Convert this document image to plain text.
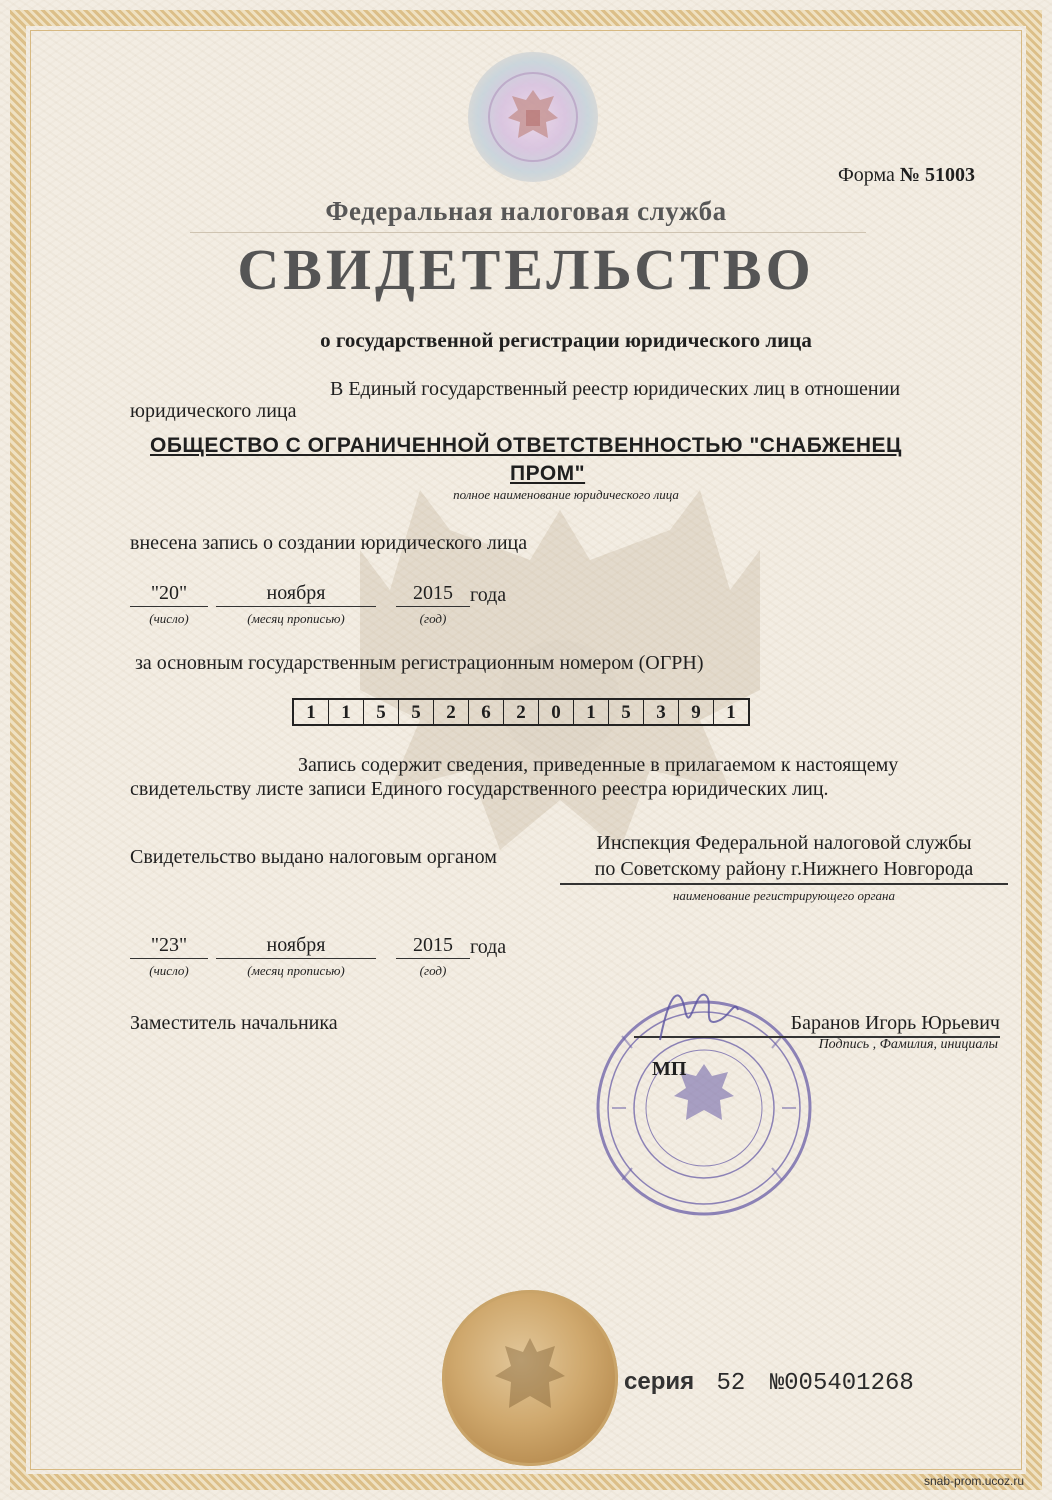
Форма № 51003
Федеральная налоговая служба
СВИДЕТЕЛЬСТВО
о государственной регистрации юридического лица
В Единый государственный реестр юридических лиц в отношении
юридического лица
ОБЩЕСТВО С ОГРАНИЧЕННОЙ ОТВЕТСТВЕННОСТЬЮ "СНАБЖЕНЕЦ
ПРОМ"
полное наименование юридического лица
внесена запись о создании юридического лица
"20"	ноября	2015 года
(число)	(месяц прописью)	(год)
за основным государственным регистрационным номером (ОГРН)
1	1	5	5	2	6	2	0	1	5	3	9	1
Запись содержит сведения, приведенные в прилагаемом к настоящему
свидетельству листе записи Единого государственного реестра юридических лиц.
Свидетельство выдано налоговым органом
Инспекция Федеральной налоговой службы
по Советскому району г.Нижнего Новгорода
наименование регистрирующего органа
"23"	ноября	2015 года
(число)	(месяц прописью)	(год)
Заместитель начальника	Баранов Игорь Юрьевич
Подпись , Фамилия, инициалы
МП
серия 52 №005401268
snab-prom.ucoz.ru
